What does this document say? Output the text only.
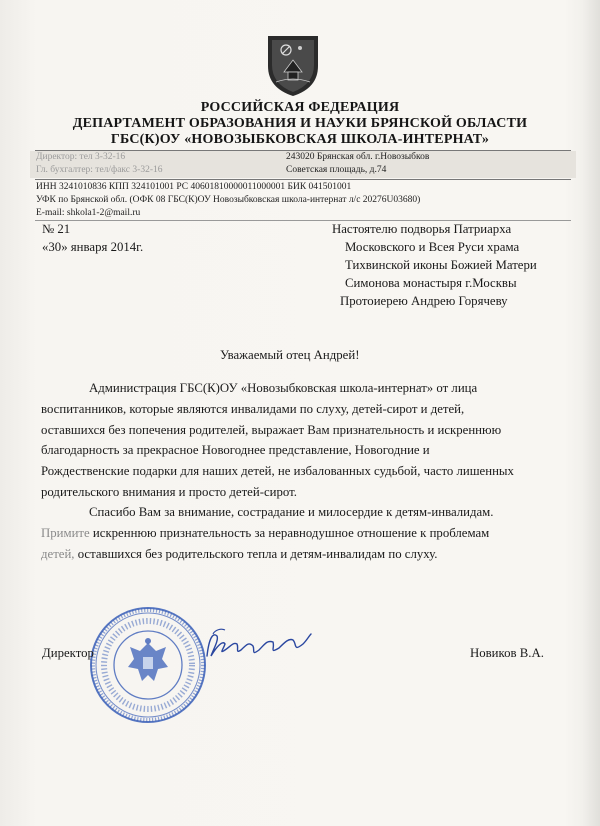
РОССИЙСКАЯ ФЕДЕРАЦИЯ
ДЕПАРТАМЕНТ ОБРАЗОВАНИЯ И НАУКИ БРЯНСКОЙ ОБЛАСТИ
ГБС(К)ОУ «НОВОЗЫБКОВСКАЯ ШКОЛА-ИНТЕРНАТ»
Директор: тел 3-32-16
Гл. бухгалтер: тел/факс 3-32-16
243020 Брянская обл. г.Новозыбков
Советская площадь, д.74
ИНН 3241010836 КПП 324101001 РС 40601810000011000001 БИК 041501001
УФК по Брянской обл. (ОФК 08 ГБС(К)ОУ Новозыбковская школа-интернат л/с 20276U03680)
E-mail: shkola1-2@mail.ru
№ 21
«30» января 2014г.
Настоятелю подворья Патриарха
Московского и Всея Руси храма
Тихвинской иконы Божией Матери
Симонова монастыря г.Москвы
Протоиерею Андрею Горячеву
Уважаемый отец Андрей!
Администрация ГБС(К)ОУ «Новозыбковская школа-интернат» от лица
воспитанников, которые являются инвалидами по слуху, детей-сирот и детей,
оставшихся без попечения родителей, выражает Вам признательность и искреннюю
благодарность за прекрасное Новогоднее представление, Новогодние и
Рождественские подарки для наших детей, не избалованных судьбой, часто лишенных
родительского внимания и просто детей-сирот.
Спасибо Вам за внимание, сострадание и милосердие к детям-инвалидам.
Примите искреннюю признательность за неравнодушное отношение к проблемам
детей, оставшихся без родительского тепла и детям-инвалидам по слуху.
Директор	Новиков В.А.
